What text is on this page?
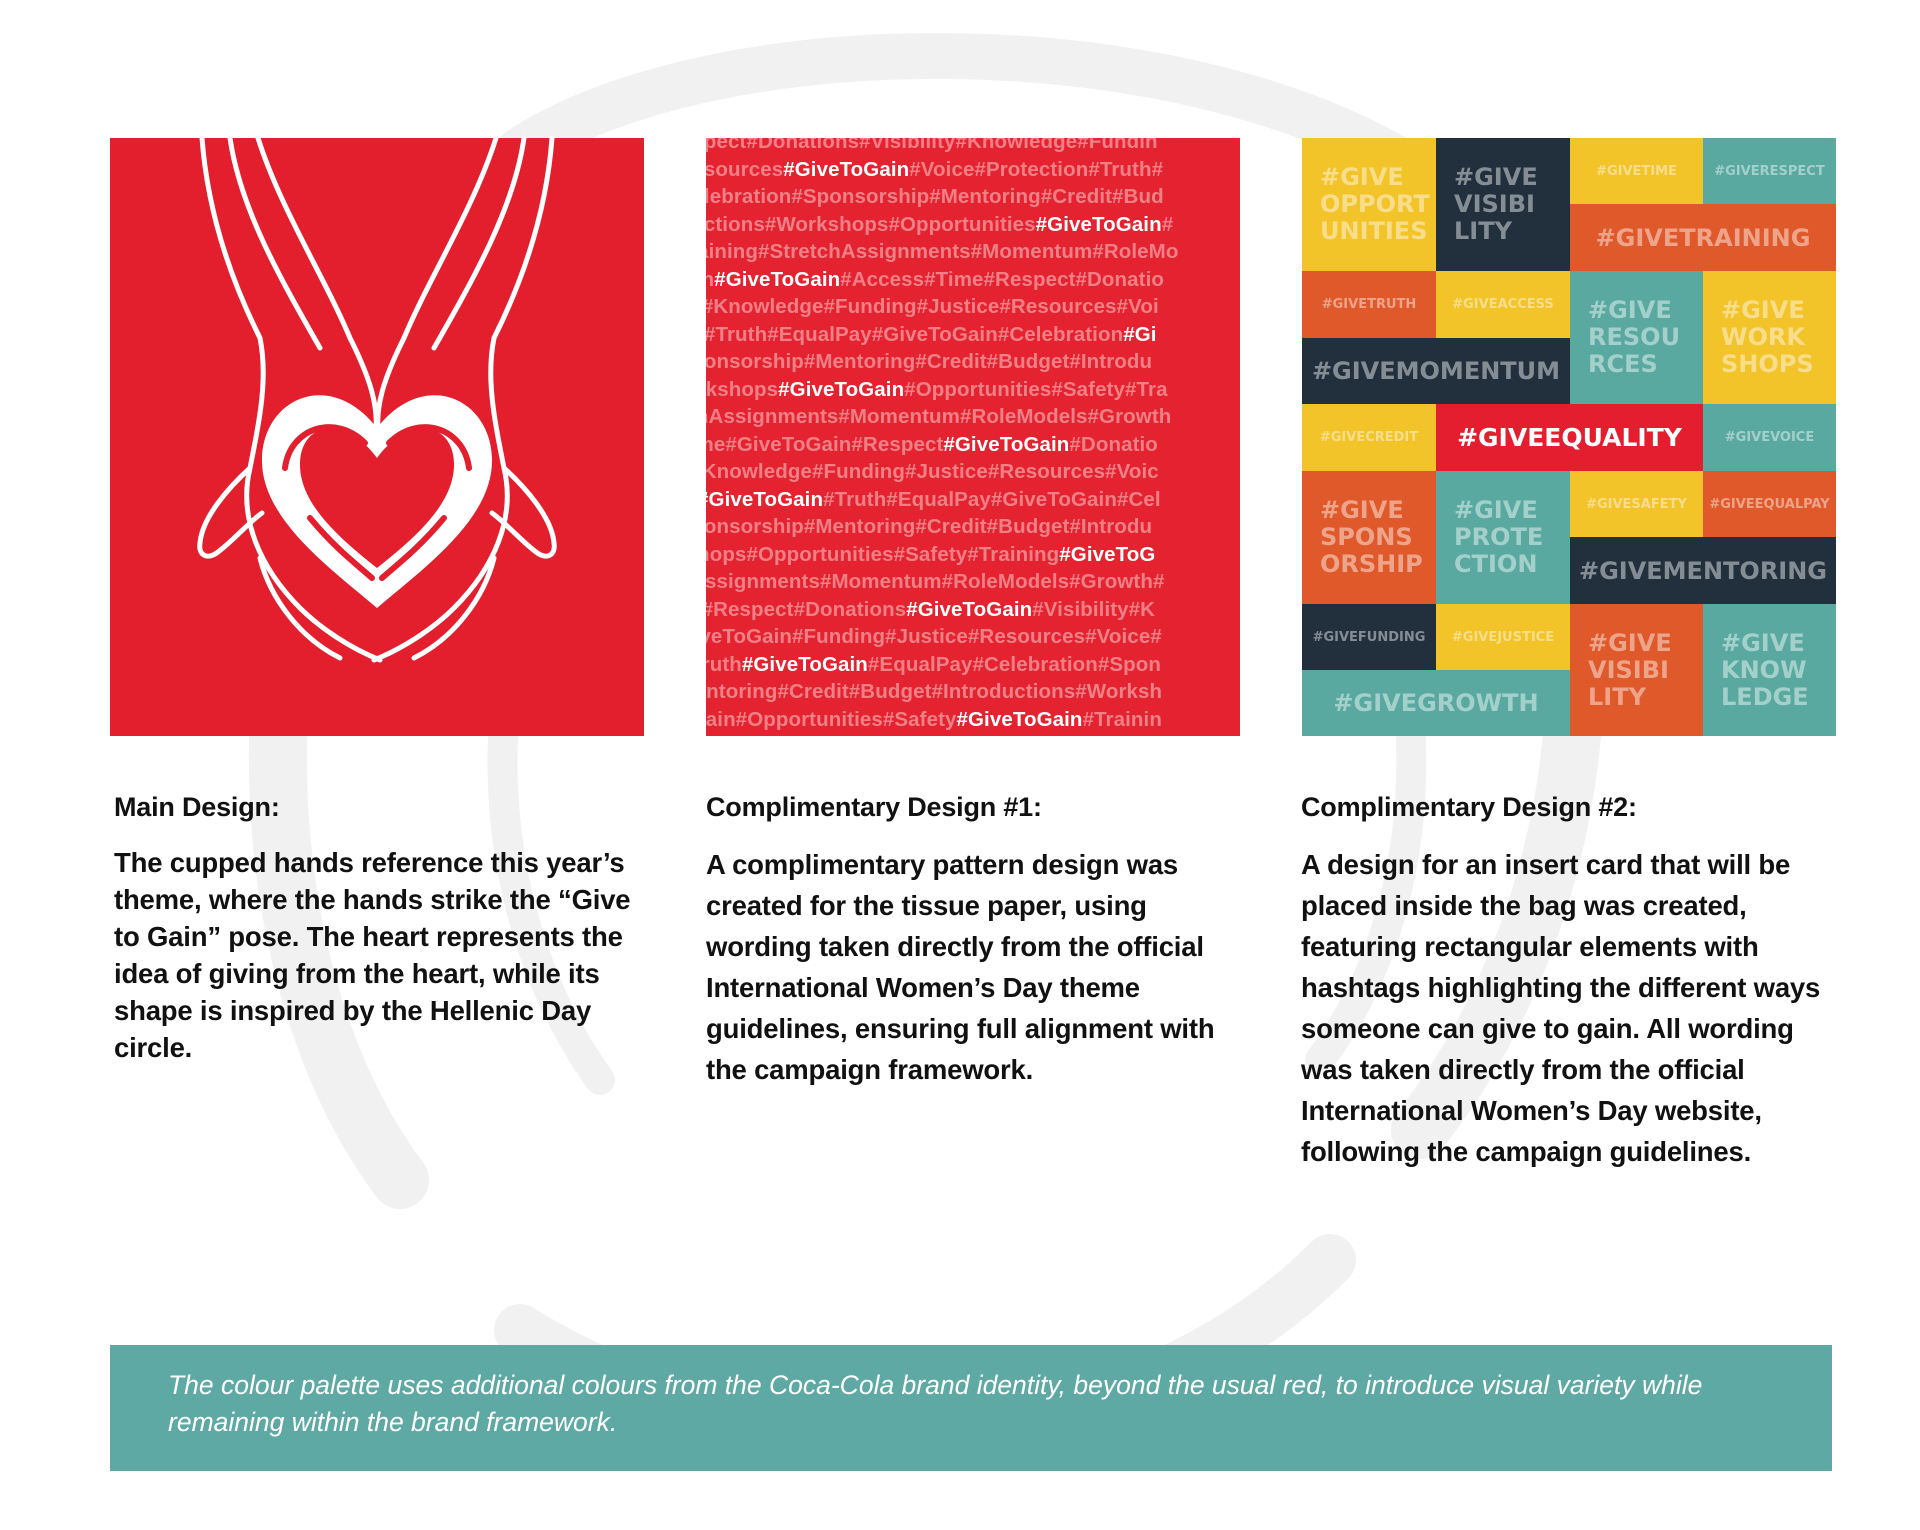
Respect#Donations#Visibility#Knowledge#Fundin
#Resources#GiveToGain#Voice#Protection#Truth#
#Celebration#Sponsorship#Mentoring#Credit#Bud
oductions#Workshops#Opportunities#GiveToGain#
#Training#StretchAssignments#Momentum#RoleMo
owth#GiveToGain#Access#Time#Respect#Donatio
ility#Knowledge#Funding#Justice#Resources#Voi
tion#Truth#EqualPay#GiveToGain#Celebration#Gi
#Sponsorship#Mentoring#Credit#Budget#Introdu
Workshops#GiveToGain#Opportunities#Safety#Tra
etchAssignments#Momentum#RoleModels#Growth
#Time#GiveToGain#Respect#GiveToGain#Donatio
ity#Knowledge#Funding#Justice#Resources#Voic
ion#GiveToGain#Truth#EqualPay#GiveToGain#Cel
#Sponsorship#Mentoring#Credit#Budget#Introdu
rkshops#Opportunities#Safety#Training#GiveToG
chAssignments#Momentum#RoleModels#Growth#
ime#Respect#Donations#GiveToGain#Visibility#K
#GiveToGain#Funding#Justice#Resources#Voice#
n#Truth#GiveToGain#EqualPay#Celebration#Spon
#Mentoring#Credit#Budget#Introductions#Worksh
ToGain#Opportunities#Safety#GiveToGain#Trainin
nAssignments#Momentum#RoleModels#Growth#
#GIVE
OPPORT
UNITIES
#GIVE
VISIBI
LITY
#GIVETIME	#GIVERESPECT
#GIVETRAINING
#GIVETRUTH	#GIVEACCESS	#GIVE
RESOU
RCES
#GIVE
WORK
SHOPS
#GIVEMOMENTUM
#GIVECREDIT	#GIVEEQUALITY	#GIVEVOICE
#GIVE
SPONS
ORSHIP
#GIVE
PROTE
CTION
#GIVESAFETY	#GIVEEQUALPAY
#GIVEMENTORING
#GIVEFUNDING	#GIVEJUSTICE	#GIVE
VISIBI
LITY
#GIVE
KNOW
LEDGE
#GIVEGROWTH
Main Design:
The cupped hands reference this year’s theme, where the hands strike the “Give to Gain” pose. The heart represents the idea of giving from the heart, while its shape is inspired by the Hellenic Day circle.
Complimentary Design #1:
A complimentary pattern design was created for the tissue paper, using wording taken directly from the official International Women’s Day theme guidelines, ensuring full alignment with the campaign framework.
Complimentary Design #2:
A design for an insert card that will be placed inside the bag was created, featuring rectangular elements with hashtags highlighting the different ways someone can give to gain. All wording was taken directly from the official International Women’s Day website, following the campaign guidelines.
The colour palette uses additional colours from the Coca-Cola brand identity, beyond the usual red, to introduce visual variety while remaining within the brand framework.
